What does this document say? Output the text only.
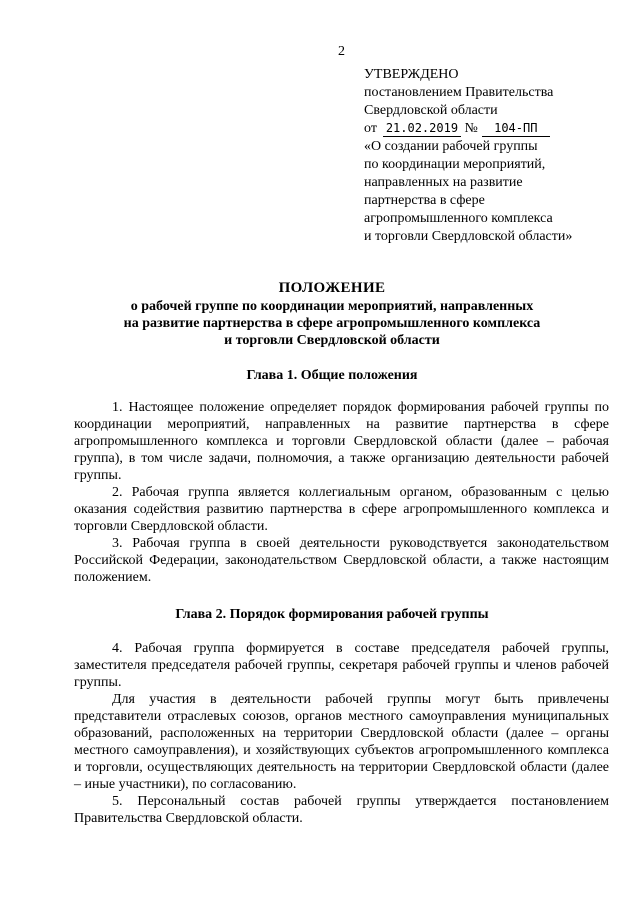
2
УТВЕРЖДЕНО
постановлением Правительства
Свердловской области
от 21.02.2019 № 104-ПП
«О создании рабочей группы
по координации мероприятий,
направленных на развитие
партнерства в сфере
агропромышленного комплекса
и торговли Свердловской области»
ПОЛОЖЕНИЕ
о рабочей группе по координации мероприятий, направленных
на развитие партнерства в сфере агропромышленного комплекса
и торговли Свердловской области
Глава 1. Общие положения

1. Настоящее положение определяет порядок формирования рабочей группы по координации мероприятий, направленных на развитие партнерства в сфере агропромышленного комплекса и торговли Свердловской области (далее – рабочая группа), в том числе задачи, полномочия, а также организацию деятельности рабочей группы.

2. Рабочая группа является коллегиальным органом, образованным с целью оказания содействия развитию партнерства в сфере агропромышленного комплекса и торговли Свердловской области.

3. Рабочая группа в своей деятельности руководствуется законодательством Российской Федерации, законодательством Свердловской области, а также настоящим положением.

Глава 2. Порядок формирования рабочей группы

4. Рабочая группа формируется в составе председателя рабочей группы, заместителя председателя рабочей группы, секретаря рабочей группы и членов рабочей группы.

Для участия в деятельности рабочей группы могут быть привлечены представители отраслевых союзов, органов местного самоуправления муниципальных образований, расположенных на территории Свердловской области (далее – органы местного самоуправления), и хозяйствующих субъектов агропромышленного комплекса и торговли, осуществляющих деятельность на территории Свердловской области (далее – иные участники), по согласованию.

5. Персональный состав рабочей группы утверждается постановлением Правительства Свердловской области.
